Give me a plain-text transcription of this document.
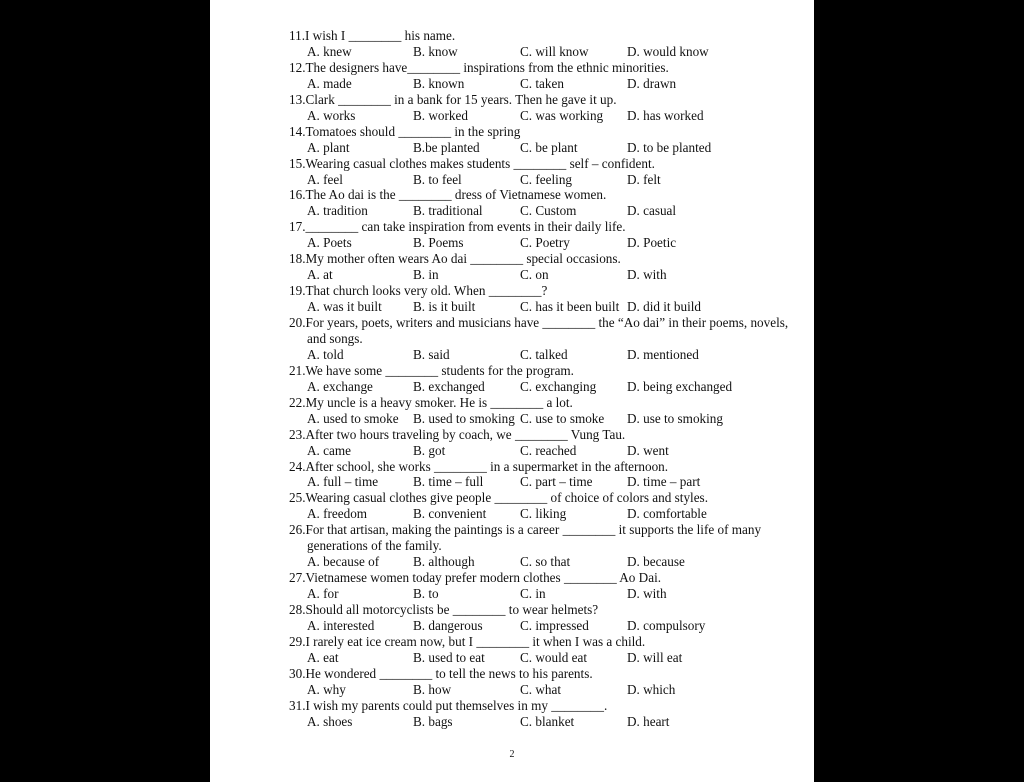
11.I wish I ________ his name.
A. knew	B. know	C. will know	D. would know
12.The designers have________ inspirations from the ethnic minorities.
A. made	B. known	C. taken	D. drawn
13.Clark ________ in a bank for 15 years. Then he gave it up.
A. works	B. worked	C. was working D. has worked
14.Tomatoes should ________ in the spring
A. plant	B.be planted	C. be plant	D. to be planted
15.Wearing casual clothes makes students ________ self – confident.
A. feel	B. to feel	C. feeling	D. felt
16.The Ao dai is the ________ dress of Vietnamese women.
A. tradition	B. traditional	C. Custom	D. casual
17.________ can take inspiration from events in their daily life.
A. Poets	B. Poems	C. Poetry	D. Poetic
18.My mother often wears Ao dai ________ special occasions.
A. at	B. in	C. on	D. with
19.That church looks very old. When ________?
A. was it built B. is it built	C. has it been built D. did it build
20.For years, poets, writers and musicians have ________ the “Ao dai” in their poems, novels, and songs.
A. told	B. said	C. talked	D. mentioned
21.We have some ________ students for the program.
A. exchange	B. exchanged	C. exchanging D. being exchanged
22.My uncle is a heavy smoker. He is ________ a lot.
A. used to smoke B. used to smoking C. use to smoke D. use to smoking
23.After two hours traveling by coach, we ________ Vung Tau.
A. came	B. got	C. reached	D. went
24.After school, she works ________ in a supermarket in the afternoon.
A. full – time	B. time – full	C. part – time	D. time – part
25.Wearing casual clothes give people ________ of choice of colors and styles.
A. freedom	B. convenient	C. liking	D. comfortable
26.For that artisan, making the paintings is a career ________ it supports the life of many generations of the family.
A. because of	B. although	C. so that	D. because
27.Vietnamese women today prefer modern clothes ________ Ao Dai.
A. for	B. to	C. in	D. with
28.Should all motorcyclists be ________ to wear helmets?
A. interested	B. dangerous	C. impressed	D. compulsory
29.I rarely eat ice cream now, but I ________ it when I was a child.
A. eat	B. used to eat	C. would eat	D. will eat
30.He wondered ________ to tell the news to his parents.
A. why	B. how	C. what	D. which
31.I wish my parents could put themselves in my ________.
A. shoes	B. bags	C. blanket	D. heart
2
